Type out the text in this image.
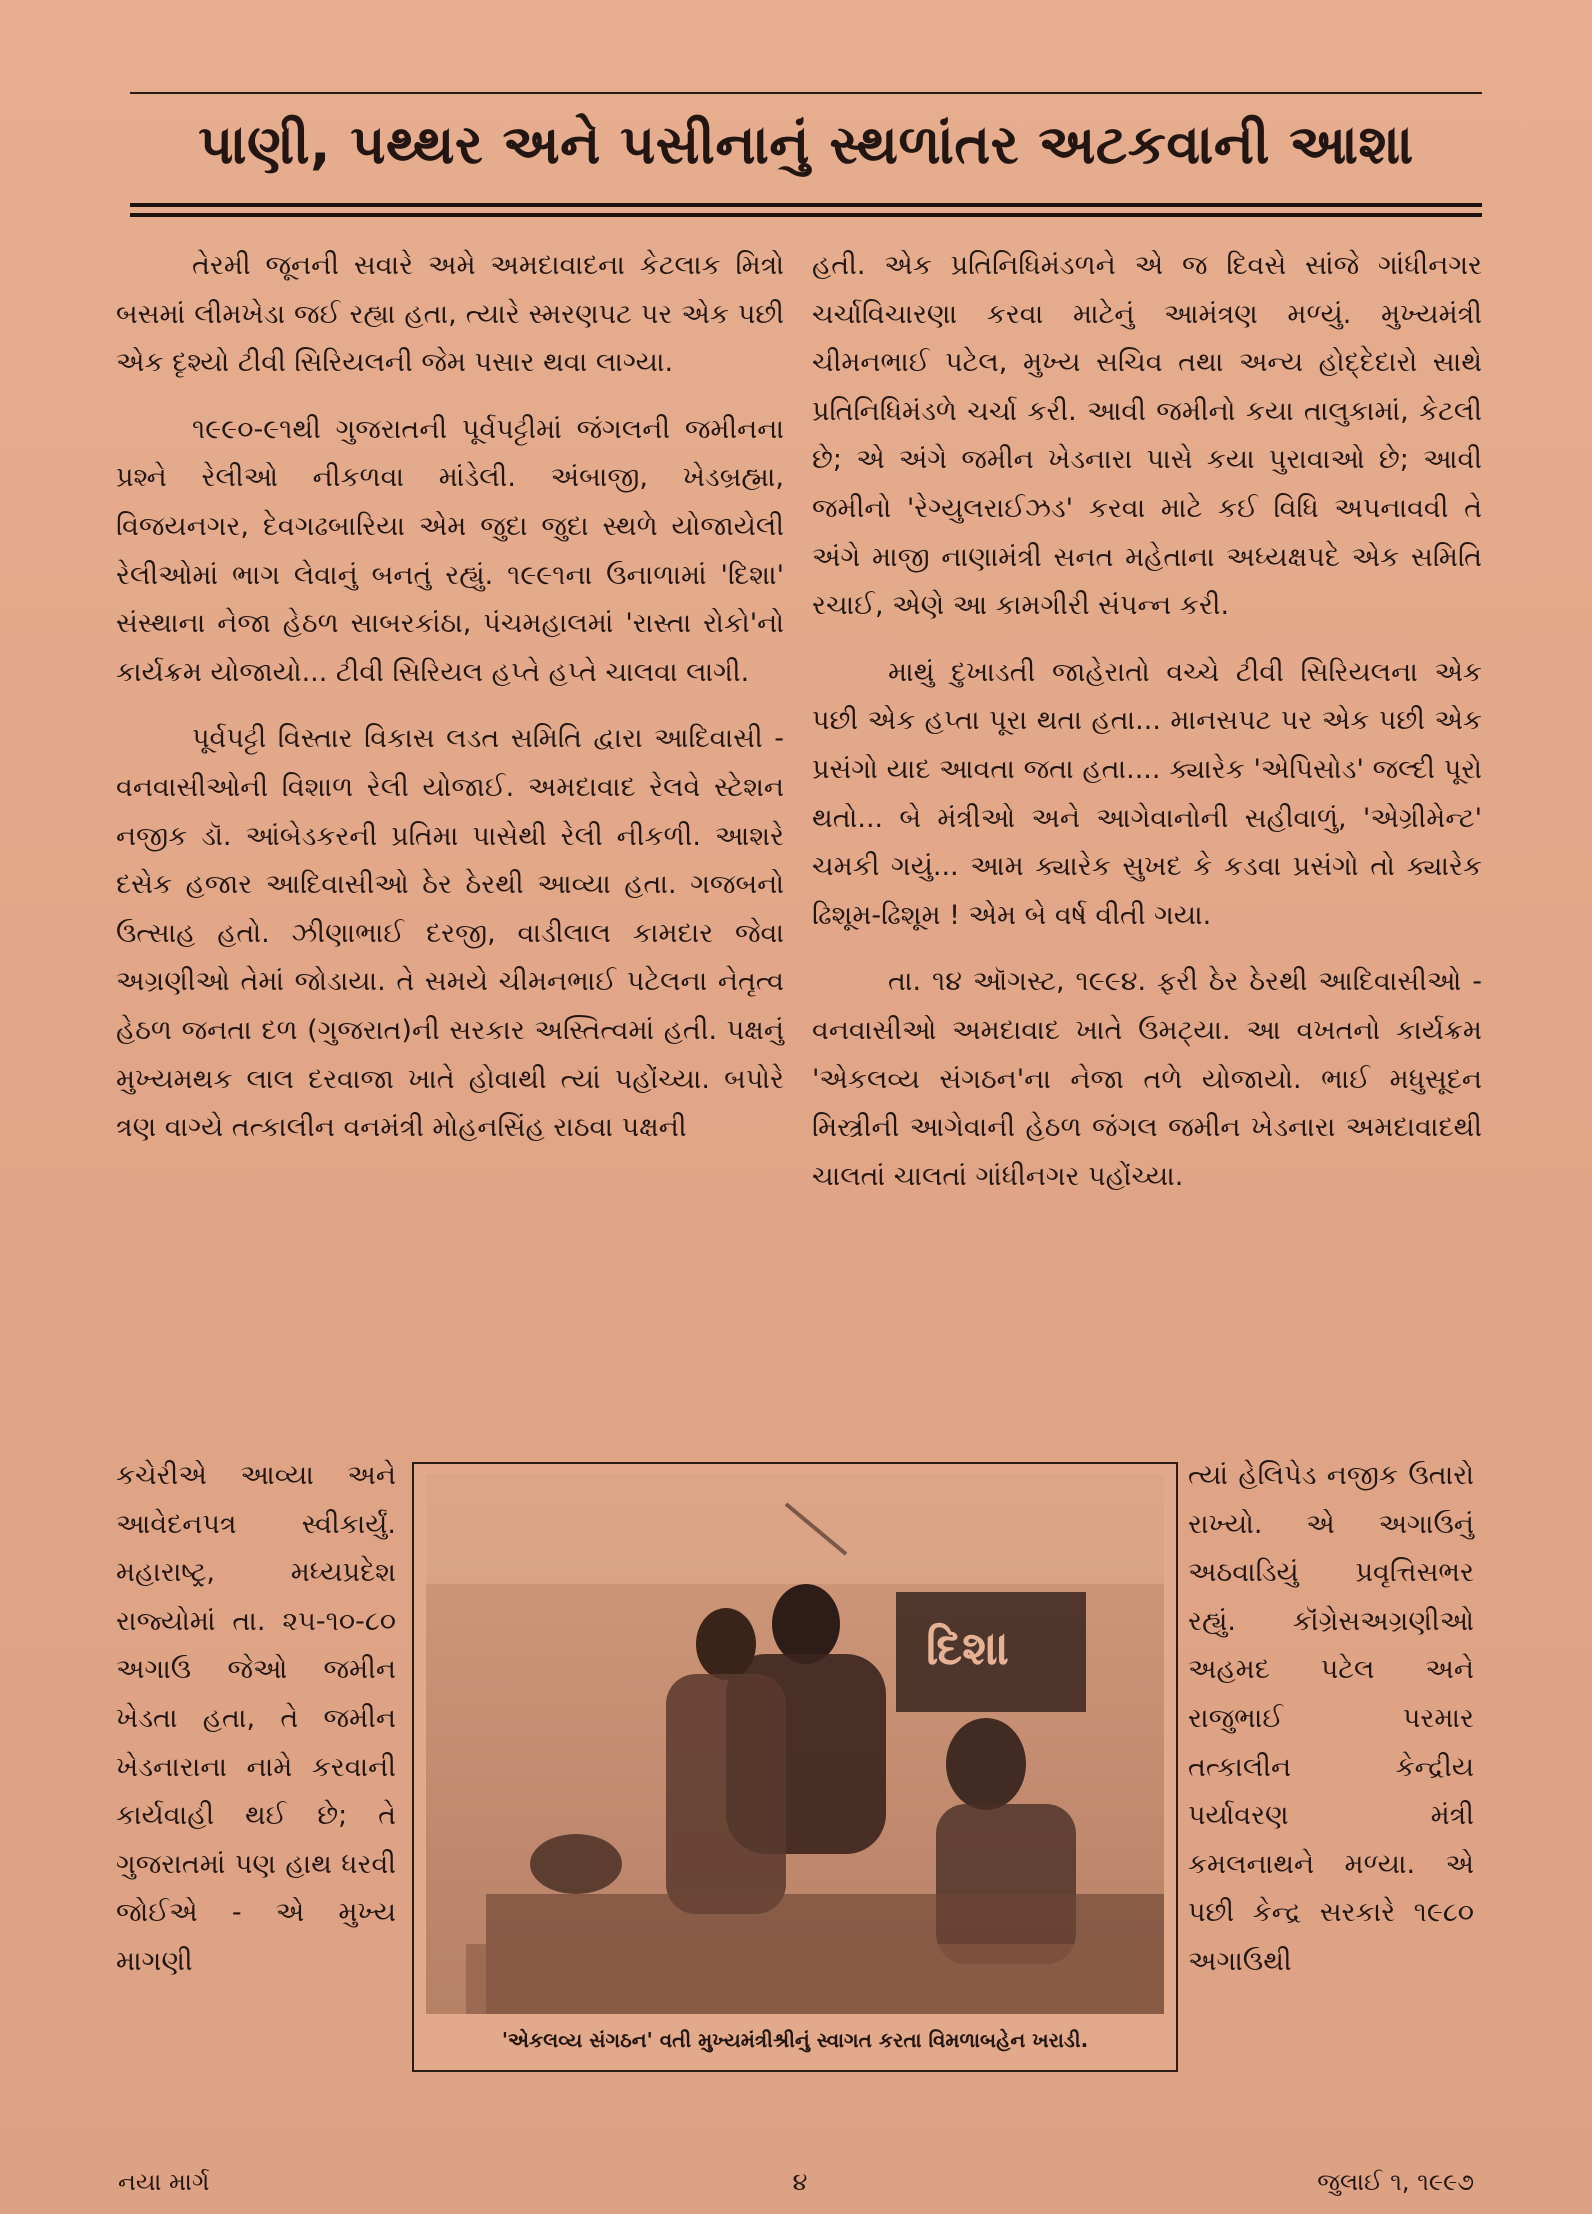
પાણી, પથ્થર અને પસીનાનું સ્થળાંતર અટકવાની આશા

તેરમી જૂનની સવારે અમે અમદાવાદના કેટલાક મિત્રો બસમાં લીમખેડા જઈ રહ્યા હતા, ત્યારે સ્મરણપટ પર એક પછી એક દૃશ્યો ટીવી સિરિયલની જેમ પસાર થવા લાગ્યા.

૧૯૯૦-૯૧થી ગુજરાતની પૂર્વપટ્ટીમાં જંગલની જમીનના પ્રશ્ને રેલીઓ નીકળવા માંડેલી. અંબાજી, ખેડબ્રહ્મા, વિજયનગર, દેવગઢબારિયા એમ જુદા જુદા સ્થળે યોજાયેલી રેલીઓમાં ભાગ લેવાનું બનતું રહ્યું. ૧૯૯૧ના ઉનાળામાં 'દિશા' સંસ્થાના નેજા હેઠળ સાબરકાંઠા, પંચમહાલમાં 'રાસ્તા રોકો'નો કાર્યક્રમ યોજાયો... ટીવી સિરિયલ હપ્તે હપ્તે ચાલવા લાગી.

પૂર્વપટ્ટી વિસ્તાર વિકાસ લડત સમિતિ દ્વારા આદિવાસી - વનવાસીઓની વિશાળ રેલી યોજાઈ. અમદાવાદ રેલવે સ્ટેશન નજીક ડૉ. આંબેડકરની પ્રતિમા પાસેથી રેલી નીકળી. આશરે દસેક હજાર આદિવાસીઓ ઠેર ઠેરથી આવ્યા હતા. ગજબનો ઉત્સાહ હતો. ઝીણાભાઈ દરજી, વાડીલાલ કામદાર જેવા અગ્રણીઓ તેમાં જોડાયા. તે સમયે ચીમનભાઈ પટેલના નેતૃત્વ હેઠળ જનતા દળ (ગુજરાત)ની સરકાર અસ્તિત્વમાં હતી. પક્ષનું મુખ્યમથક લાલ દરવાજા ખાતે હોવાથી ત્યાં પહોંચ્યા. બપોરે ત્રણ વાગ્યે તત્કાલીન વનમંત્રી મોહનસિંહ રાઠવા પક્ષની

હતી. એક પ્રતિનિધિમંડળને એ જ દિવસે સાંજે ગાંધીનગર ચર્ચાવિચારણા કરવા માટેનું આમંત્રણ મળ્યું. મુખ્યમંત્રી ચીમનભાઈ પટેલ, મુખ્ય સચિવ તથા અન્ય હોદ્દેદારો સાથે પ્રતિનિધિમંડળે ચર્ચા કરી. આવી જમીનો કયા તાલુકામાં, કેટલી છે; એ અંગે જમીન ખેડનારા પાસે કયા પુરાવાઓ છે; આવી જમીનો 'રેગ્યુલરાઈઝડ' કરવા માટે કઈ વિધિ અપનાવવી તે અંગે માજી નાણામંત્રી સનત મહેતાના અધ્યક્ષપદે એક સમિતિ રચાઈ, એણે આ કામગીરી સંપન્ન કરી.

માથું દુખાડતી જાહેરાતો વચ્ચે ટીવી સિરિયલના એક પછી એક હપ્તા પૂરા થતા હતા... માનસપટ પર એક પછી એક પ્રસંગો યાદ આવતા જતા હતા.... ક્યારેક 'એપિસોડ' જલ્દી પૂરો થતો... બે મંત્રીઓ અને આગેવાનોની સહીવાળું, 'એગ્રીમેન્ટ' ચમકી ગયું... આમ ક્યારેક સુખદ કે કડવા પ્રસંગો તો ક્યારેક ઢિશૂમ-ઢિશૂમ ! એમ બે વર્ષ વીતી ગયા.

તા. ૧૪ ઑગસ્ટ, ૧૯૯૪. ફરી ઠેર ઠેરથી આદિવાસીઓ - વનવાસીઓ અમદાવાદ ખાતે ઉમટ્યા. આ વખતનો કાર્યક્રમ 'એકલવ્ય સંગઠન'ના નેજા તળે યોજાયો. ભાઈ મધુસૂદન મિસ્ત્રીની આગેવાની હેઠળ જંગલ જમીન ખેડનારા અમદાવાદથી ચાલતાં ચાલતાં ગાંધીનગર પહોંચ્યા.

કચેરીએ આવ્યા અને આવેદનપત્ર સ્વીકાર્યું. મહારાષ્ટ્ર, મધ્યપ્રદેશ રાજ્યોમાં તા. ૨૫-૧૦-૮૦ અગાઉ જેઓ જમીન ખેડતા હતા, તે જમીન ખેડનારાના નામે કરવાની કાર્યવાહી થઈ છે; તે ગુજરાતમાં પણ હાથ ધરવી જોઈએ - એ મુખ્ય માગણી

દિશા
'એકલવ્ય સંગઠન' વતી મુખ્યમંત્રીશ્રીનું સ્વાગત કરતા વિમળાબહેન ખરાડી.

ત્યાં હેલિપેડ નજીક ઉતારો રાખ્યો. એ અગાઉનું અઠવાડિયું પ્રવૃત્તિસભર રહ્યું. કૉંગ્રેસઅગ્રણીઓ અહમદ પટેલ અને રાજુભાઈ પરમાર તત્કાલીન કેન્દ્રીય પર્યાવરણ મંત્રી કમલનાથને મળ્યા. એ પછી કેન્દ્ર સરકારે ૧૯૮૦ અગાઉથી

નયા માર્ગ	૪	જુલાઈ ૧, ૧૯૯૭
